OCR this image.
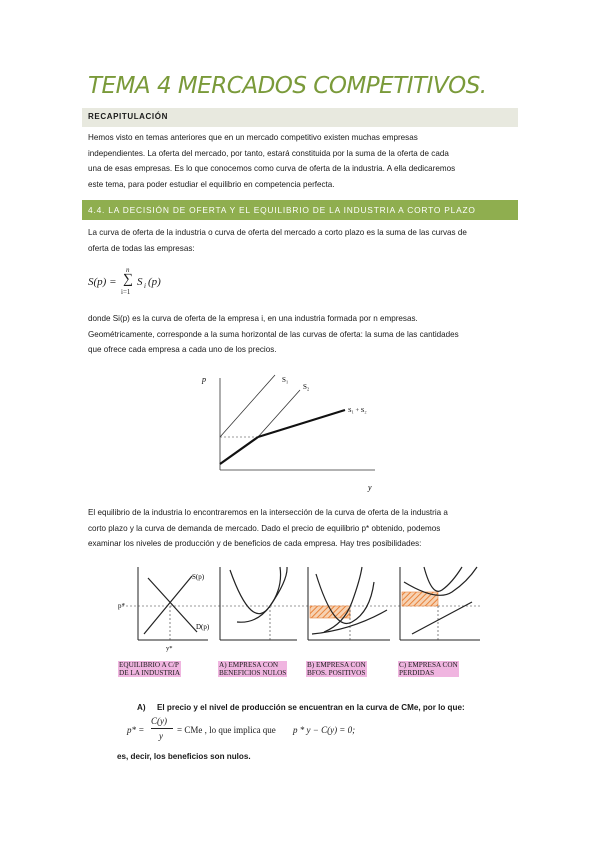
TEMA 4 MERCADOS COMPETITIVOS.
RECAPITULACIÓN

Hemos visto en temas anteriores que en un mercado competitivo existen muchas empresas

independientes. La oferta del mercado, por tanto, estará constituida por la suma de la oferta de cada

una de esas empresas. Es lo que conocemos como curva de oferta de la industria. A ella dedicaremos

este tema, para poder estudiar el equilibrio en competencia perfecta.

4.4. LA DECISIÓN DE OFERTA Y EL EQUILIBRIO DE LA INDUSTRIA A CORTO PLAZO

La curva de oferta de la industria o curva de oferta del mercado a corto plazo es la suma de las curvas de

oferta de todas las empresas:

S(p) =
n
∑
i=1
S i (p)

donde Si(p) es la curva de oferta de la empresa i, en una industria formada por n empresas.

Geométricamente, corresponde a la suma horizontal de las curvas de oferta: la suma de las cantidades

que ofrece cada empresa a cada uno de los precios.

p
y
S₁
S₂
S₁ + S₂

El equilibrio de la industria lo encontraremos en la intersección de la curva de oferta de la industria a

corto plazo y la curva de demanda de mercado. Dado el precio de equilibrio p* obtenido, podemos

examinar los niveles de producción y de beneficios de cada empresa. Hay tres posibilidades:

S(p)
D(p)
p*
y*
EQUILIBRIO A C/P
DE LA INDUSTRIA
A) EMPRESA CON
BENEFICIOS NULOS
B) EMPRESA CON
BFOS. POSITIVOS
C) EMPRESA CON
PERDIDAS
A) El precio y el nivel de producción se encuentran en la curva de CMe, por lo que:
p* =
C(y)
y
= CMe , lo que implica que p * y − C(y) = 0;
es, decir, los beneficios son nulos.
